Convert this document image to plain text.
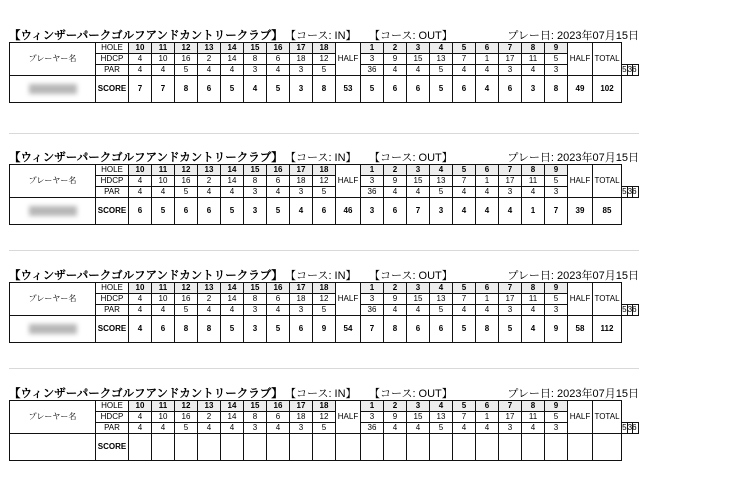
【ウィンザーパークゴルフアンドカントリークラブ】 【コース: IN】 【コース: OUT】	プレー日: 2023年07月15日
プレーヤー名	HOLE	10	11	12	13	14	15	16	17	18	HALF	1	2	3	4	5	6	7	8	9	HALF	TOTAL			
	HDCP	4	10	16	2	14	8	6	18	12		3	9	15	13	7	1	17	11	5					
	PAR	4	4	5	4	4	3	4	3	5		36	4	4	5	4	4	3	4	3			5	36	
	SCORE	7	7	8	6	5	4	5	3	8	53	5	6	6	5	6	4	6	3	8	49	102			
【ウィンザーパークゴルフアンドカントリークラブ】 【コース: IN】 【コース: OUT】	プレー日: 2023年07月15日
プレーヤー名	HOLE	10	11	12	13	14	15	16	17	18	HALF	1	2	3	4	5	6	7	8	9	HALF	TOTAL			
	HDCP	4	10	16	2	14	8	6	18	12		3	9	15	13	7	1	17	11	5					
	PAR	4	4	5	4	4	3	4	3	5		36	4	4	5	4	4	3	4	3			5	36	
	SCORE	6	5	6	6	5	3	5	4	6	46	3	6	7	3	4	4	4	1	7	39	85			
【ウィンザーパークゴルフアンドカントリークラブ】 【コース: IN】 【コース: OUT】	プレー日: 2023年07月15日
プレーヤー名	HOLE	10	11	12	13	14	15	16	17	18	HALF	1	2	3	4	5	6	7	8	9	HALF	TOTAL			
	HDCP	4	10	16	2	14	8	6	18	12		3	9	15	13	7	1	17	11	5					
	PAR	4	4	5	4	4	3	4	3	5		36	4	4	5	4	4	3	4	3			5	36	
	SCORE	4	6	8	8	5	3	5	6	9	54	7	8	6	6	5	8	5	4	9	58	112			
【ウィンザーパークゴルフアンドカントリークラブ】 【コース: IN】 【コース: OUT】	プレー日: 2023年07月15日
プレーヤー名	HOLE	10	11	12	13	14	15	16	17	18	HALF	1	2	3	4	5	6	7	8	9	HALF	TOTAL			
	HDCP	4	10	16	2	14	8	6	18	12		3	9	15	13	7	1	17	11	5					
	PAR	4	4	5	4	4	3	4	3	5		36	4	4	5	4	4	3	4	3			5	36	
	SCORE																								
